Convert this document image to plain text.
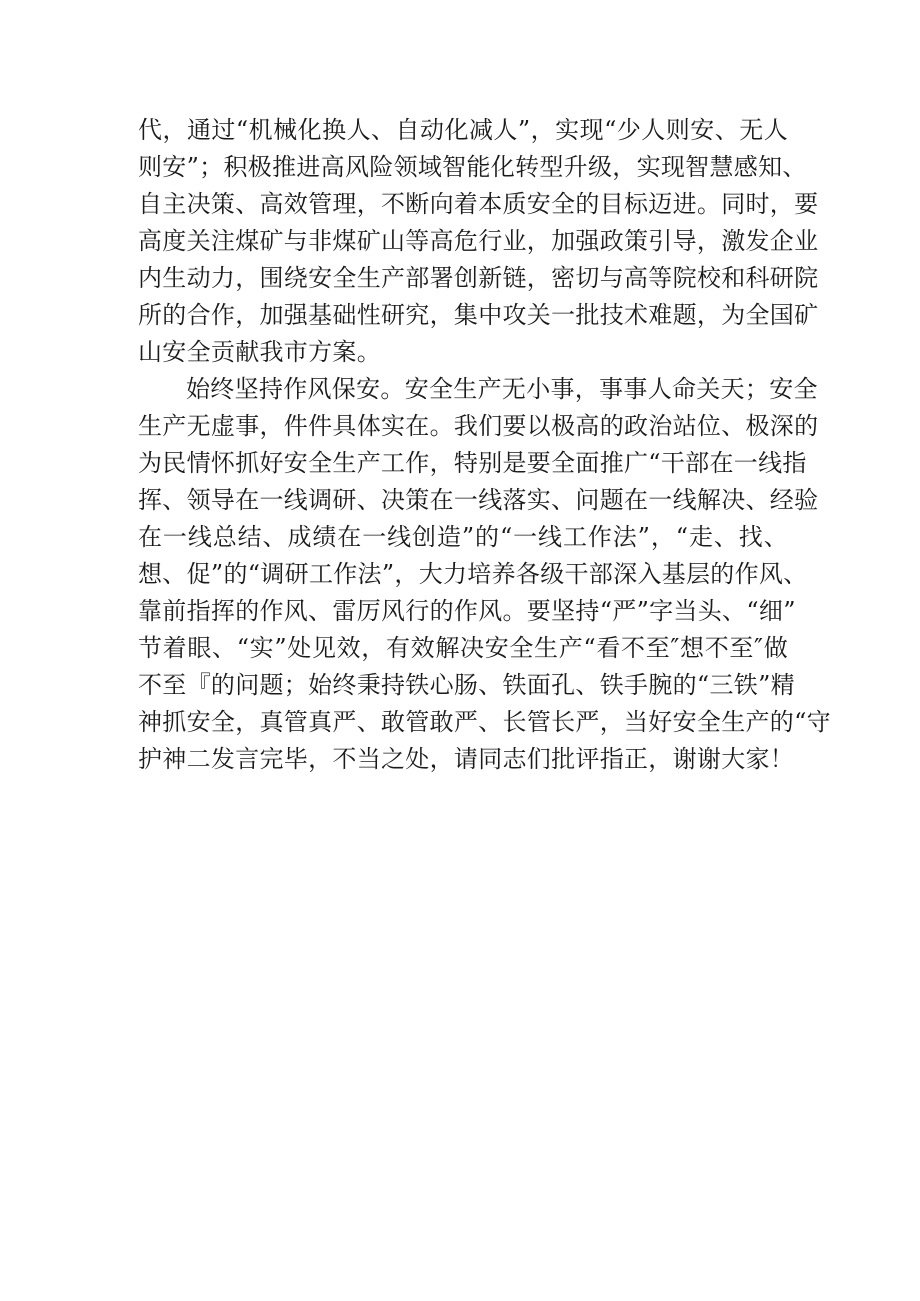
代，通过“机械化换人、自动化减人”，实现“少人则安、无人
则安”；积极推进高风险领域智能化转型升级，实现智慧感知、
自主决策、高效管理，不断向着本质安全的目标迈进。同时，要
高度关注煤矿与非煤矿山等高危行业，加强政策引导，激发企业
内生动力，围绕安全生产部署创新链，密切与高等院校和科研院
所的合作，加强基础性研究，集中攻关一批技术难题，为全国矿
山安全贡献我市方案。
始终坚持作风保安。安全生产无小事，事事人命关天；安全
生产无虚事，件件具体实在。我们要以极高的政治站位、极深的
为民情怀抓好安全生产工作，特别是要全面推广“干部在一线指
挥、领导在一线调研、决策在一线落实、问题在一线解决、经验
在一线总结、成绩在一线创造”的“一线工作法”，“走、找、
想、促”的“调研工作法”，大力培养各级干部深入基层的作风、
靠前指挥的作风、雷厉风行的作风。要坚持“严”字当头、“细”
节着眼、“实”处见效，有效解决安全生产“看不至″想不至″做
不至『的问题；始终秉持铁心肠、铁面孔、铁手腕的“三铁”精
神抓安全，真管真严、敢管敢严、长管长严，当好安全生产的“守
护神二发言完毕，不当之处，请同志们批评指正，谢谢大家！
